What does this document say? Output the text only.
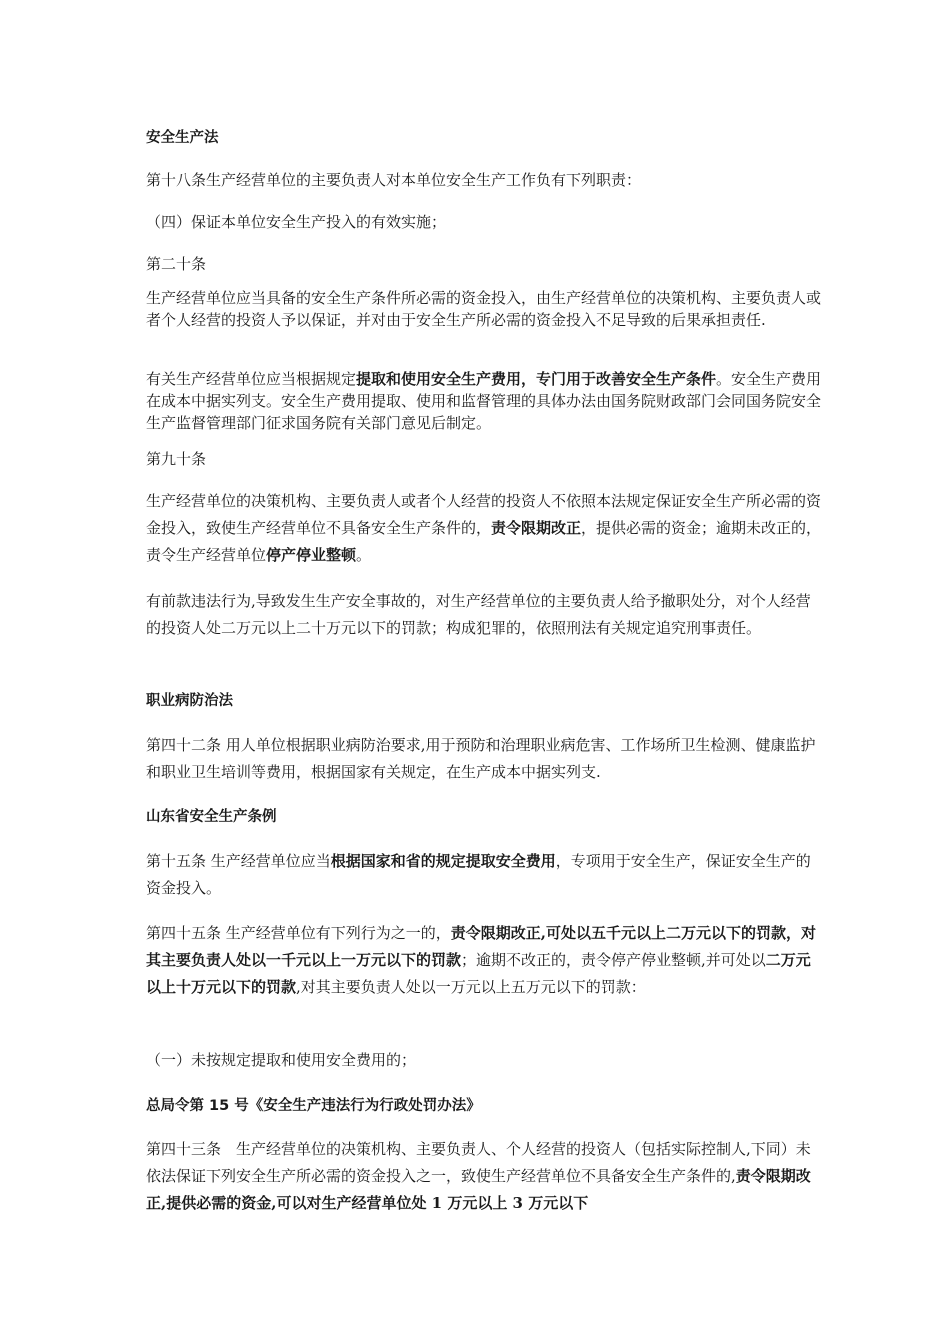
安全生产法

第十八条生产经营单位的主要负责人对本单位安全生产工作负有下列职责：

（四）保证本单位安全生产投入的有效实施；

第二十条

生产经营单位应当具备的安全生产条件所必需的资金投入，由生产经营单位的决策机构、主要负责人或者个人经营的投资人予以保证，并对由于安全生产所必需的资金投入不足导致的后果承担责任.

有关生产经营单位应当根据规定提取和使用安全生产费用，专门用于改善安全生产条件。安全生产费用在成本中据实列支。安全生产费用提取、使用和监督管理的具体办法由国务院财政部门会同国务院安全生产监督管理部门征求国务院有关部门意见后制定。

第九十条

生产经营单位的决策机构、主要负责人或者个人经营的投资人不依照本法规定保证安全生产所必需的资金投入，致使生产经营单位不具备安全生产条件的，责令限期改正，提供必需的资金；逾期未改正的，责令生产经营单位停产停业整顿。

有前款违法行为,导致发生生产安全事故的，对生产经营单位的主要负责人给予撤职处分，对个人经营的投资人处二万元以上二十万元以下的罚款；构成犯罪的，依照刑法有关规定追究刑事责任。

职业病防治法

第四十二条 用人单位根据职业病防治要求,用于预防和治理职业病危害、工作场所卫生检测、健康监护和职业卫生培训等费用，根据国家有关规定，在生产成本中据实列支.

山东省安全生产条例

第十五条 生产经营单位应当根据国家和省的规定提取安全费用，专项用于安全生产，保证安全生产的资金投入。

第四十五条 生产经营单位有下列行为之一的，责令限期改正,可处以五千元以上二万元以下的罚款，对其主要负责人处以一千元以上一万元以下的罚款；逾期不改正的，责令停产停业整顿,并可处以二万元以上十万元以下的罚款,对其主要负责人处以一万元以上五万元以下的罚款：

（一）未按规定提取和使用安全费用的；

总局令第 15 号《安全生产违法行为行政处罚办法》

第四十三条　生产经营单位的决策机构、主要负责人、个人经营的投资人（包括实际控制人,下同）未依法保证下列安全生产所必需的资金投入之一，致使生产经营单位不具备安全生产条件的,责令限期改正,提供必需的资金,可以对生产经营单位处 1 万元以上 3 万元以下
